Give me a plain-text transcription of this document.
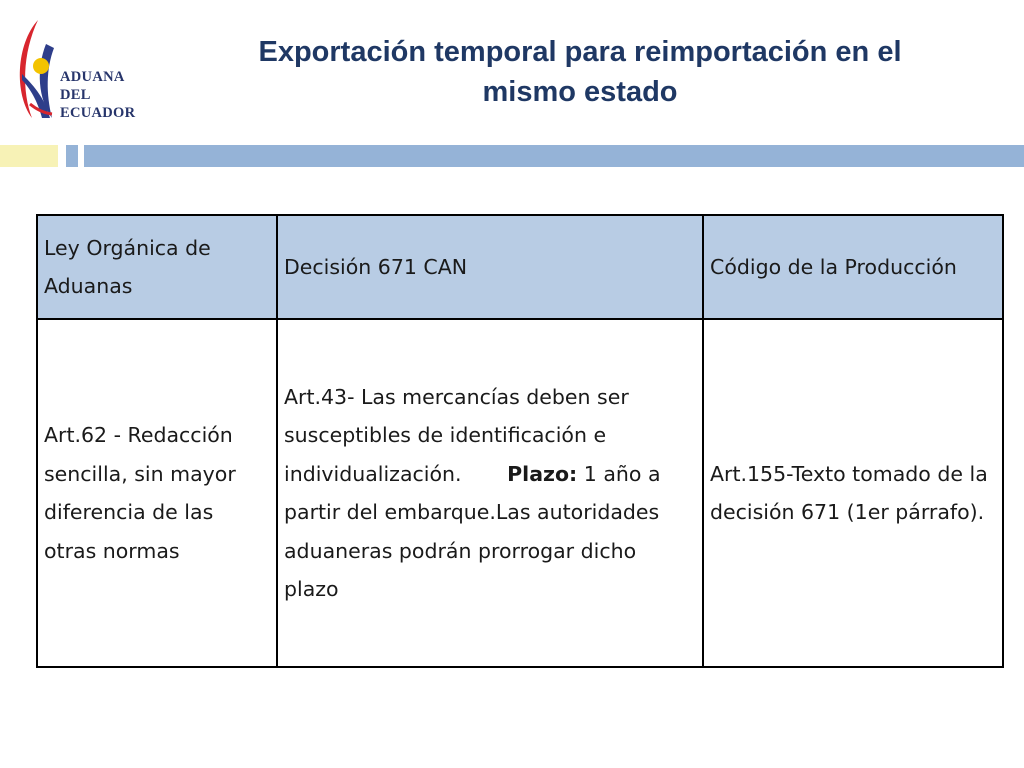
ADUANA
DEL
ECUADOR
Exportación temporal para reimportación en el
mismo estado
Ley Orgánica de Aduanas	Decisión 671 CAN	Código de la Producción
Art.62 - Redacción sencilla, sin mayor diferencia de las otras normas	Art.43- Las mercancías deben ser susceptibles de identificación e individualización. Plazo: 1 año a partir del embarque.Las autoridades aduaneras podrán prorrogar dicho plazo	Art.155-Texto tomado de la decisión 671 (1er párrafo).
